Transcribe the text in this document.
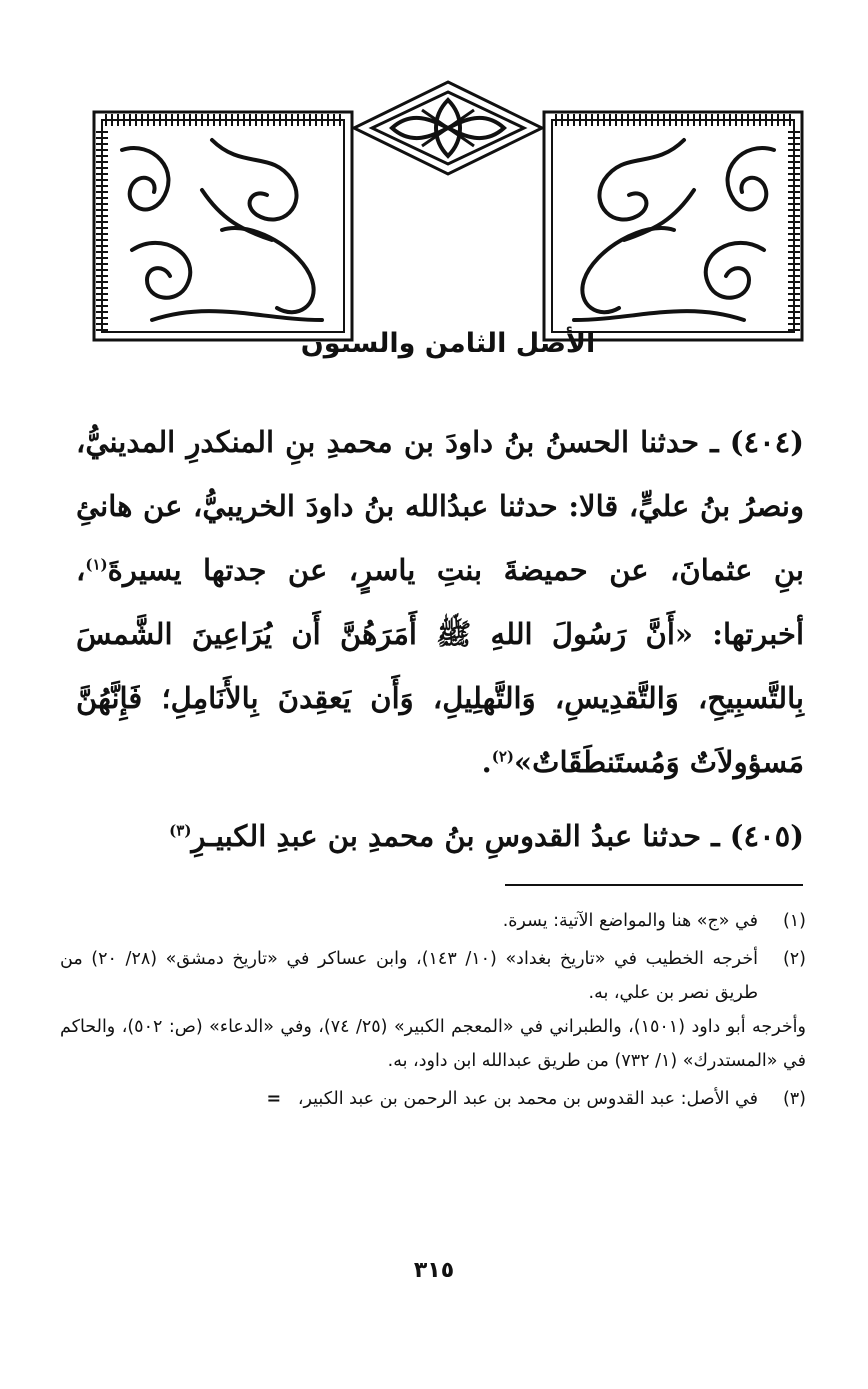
الأصل الثامن والستون

(٤٠٤) ـ حدثنا الحسنُ بنُ داودَ بن محمدِ بنِ المنكدرِ المدينيُّ، ونصرُ بنُ عليٍّ، قالا: حدثنا عبدُالله بنُ داودَ الخريبيُّ، عن هانئِ بنِ عثمانَ، عن حميضةَ بنتِ ياسرٍ، عن جدتها يسيرةَ$^{(١)}$، أخبرتها: «أَنَّ رَسُولَ اللهِ ﷺ أَمَرَهُنَّ أَن يُرَاعِينَ الشَّمسَ بِالتَّسبِيحِ، وَالتَّقدِيسِ، وَالتَّهلِيلِ، وَأَن يَعقِدنَ بِالأَنَامِلِ؛ فَإِنَّهُنَّ مَسؤولاَتٌ وَمُستَنطَقَاتٌ»$^{(٢)}$.

(٤٠٥) ـ حدثنا عبدُ القدوسِ بنُ محمدِ بن عبدِ الكبيـرِ$^{(٣)}$

(١)

في «ج» هنا والمواضع الآتية: يسرة.

(٢)

أخرجه الخطيب في «تاريخ بغداد» (١٠/ ١٤٣)، وابن عساكر في «تاريخ دمشق» (٢٨/ ٢٠) من طريق نصر بن علي، به.

وأخرجه أبو داود (١٥٠١)، والطبراني في «المعجم الكبير» (٢٥/ ٧٤)، وفي «الدعاء» (ص: ٥٠٢)، والحاكم في «المستدرك» (١/ ٧٣٢) من طريق عبدالله ابن داود، به.

(٣)

في الأصل: عبد القدوس بن محمد بن عبد الرحمن بن عبد الكبير،   =

٣١٥
